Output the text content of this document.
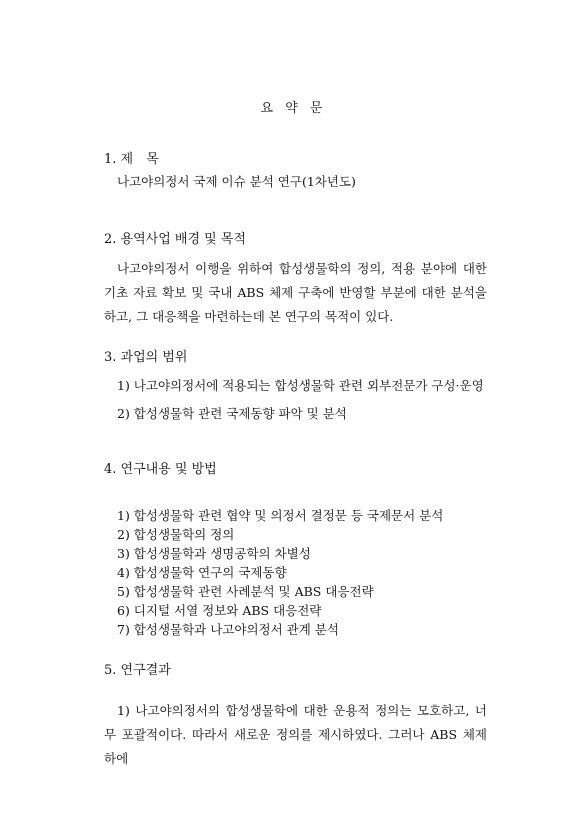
요 약 문
1. 제　목
나고야의정서 국제 이슈 분석 연구(1차년도)
2. 용역사업 배경 및 목적
나고야의정서 이행을 위하여 합성생물학의 정의, 적용 분야에 대한 기초 자료 확보 및 국내 ABS 체제 구축에 반영할 부분에 대한 분석을 하고, 그 대응책을 마련하는데 본 연구의 목적이 있다.
3. 과업의 범위
1) 나고야의정서에 적용되는 합성생물학 관련 외부전문가 구성·운영
2) 합성생물학 관련 국제동향 파악 및 분석
4. 연구내용 및 방법
1) 합성생물학 관련 협약 및 의정서 결정문 등 국제문서 분석
2) 합성생물학의 정의
3) 합성생물학과 생명공학의 차별성
4) 합성생물학 연구의 국제동향
5) 합성생물학 관련 사례분석 및 ABS 대응전략
6) 디지털 서열 정보와 ABS 대응전략
7) 합성생물학과 나고야의정서 관계 분석
5. 연구결과
1) 나고야의정서의 합성생물학에 대한 운용적 정의는 모호하고, 너무 포괄적이다. 따라서 새로운 정의를 제시하였다. 그러나 ABS 체제 하에
